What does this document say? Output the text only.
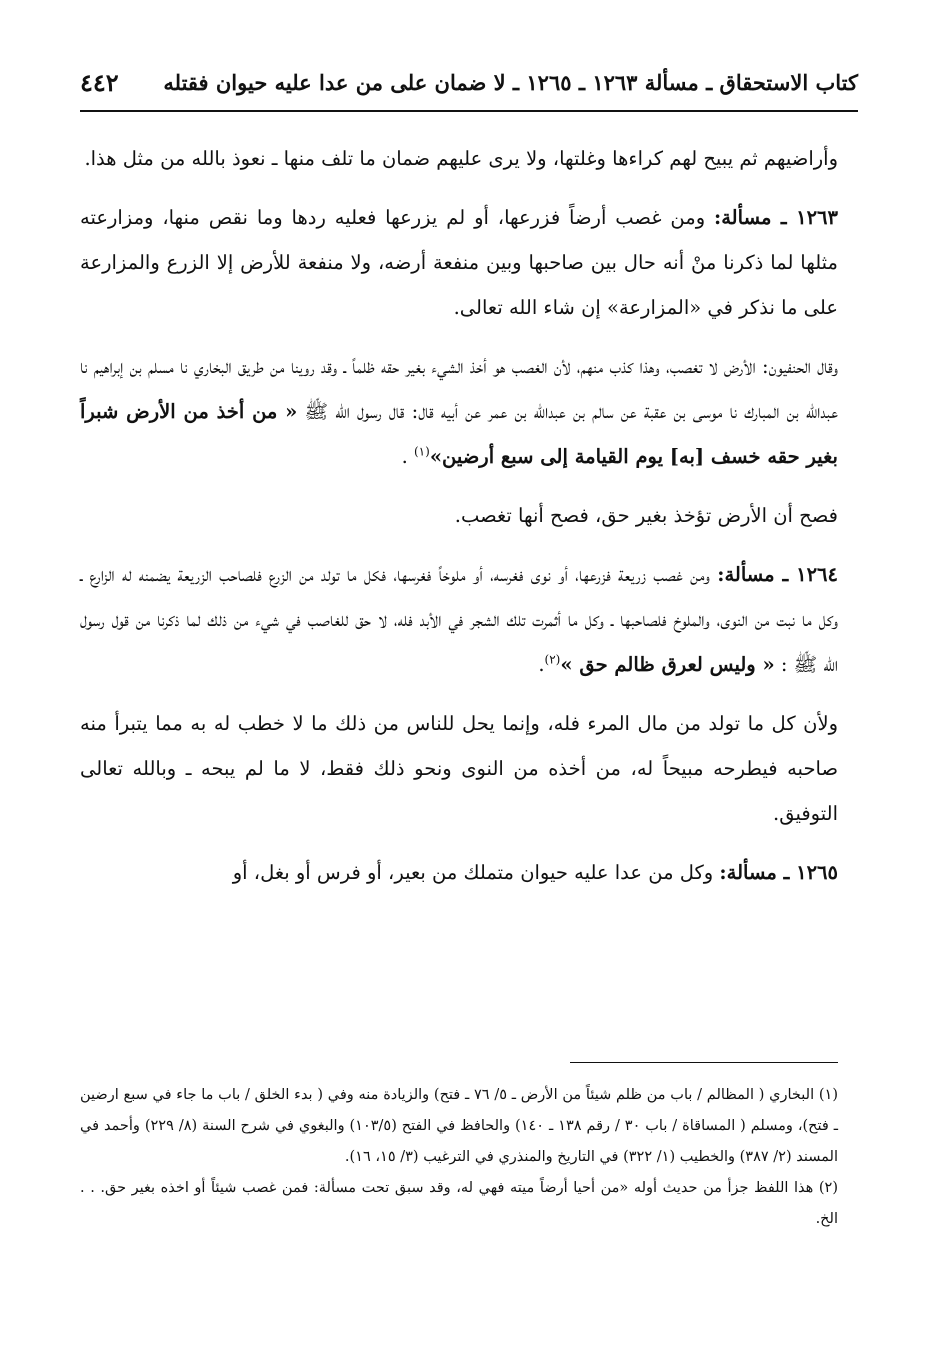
كتاب الاستحقاق ـ مسألة ١٢٦٣ ـ ١٢٦٥ ـ لا ضمان على من عدا عليه حيوان فقتله
٤٤٢

وأراضيهم ثم يبيح لهم كراءها وغلتها، ولا يرى عليهم ضمان ما تلف منها ـ نعوذ بالله من مثل هذا.

١٢٦٣ ـ مسألة: ومن غصب أرضاً فزرعها، أو لم يزرعها فعليه ردها وما نقص منها، ومزارعته مثلها لما ذكرنا منْ أنه حال بين صاحبها وبين منفعة أرضه، ولا منفعة للأرض إلا الزرع والمزارعة على ما نذكر في «المزارعة» إن شاء الله تعالى.

وقال الحنفيون: الأرض لا تغصب، وهذا كذب منهم، لأن الغصب هو أخذ الشيء بغير حقه ظلماً ـ وقد روينا من طريق البخاري نا مسلم بن إبراهيم نا عبدالله بن المبارك نا موسى بن عقبة عن سالم بن عبدالله بن عمر عن أبيه قال: قال رسول الله ﷺ « من أخذ من الأرض شبراً بغير حقه خسف [به] يوم القيامة إلى سبع أرضين»$^{(١)}$ .

فصح أن الأرض تؤخذ بغير حق، فصح أنها تغصب.

١٢٦٤ ـ مسألة: ومن غصب زريعة فزرعها، أو نوى فغرسه، أو ملوخاً فغرسها، فكل ما تولد من الزرع فلصاحب الزريعة يضمنه له الزارع ـ وكل ما نبت من النوى، والملوخ فلصاحبها ـ وكل ما أثمرت تلك الشجر في الأبد فله، لا حق للغاصب في شيء من ذلك لما ذكرنا من قول رسول الله ﷺ : « وليس لعرق ظالم حق »$^{(٢)}$.

ولأن كل ما تولد من مال المرء فله، وإنما يحل للناس من ذلك ما لا خطب له به مما يتبرأ منه صاحبه فيطرحه مبيحاً له، من أخذه من النوى ونحو ذلك فقط، لا ما لم يبحه ـ وبالله تعالى التوفيق.

١٢٦٥ ـ مسألة: وكل من عدا عليه حيوان متملك من بعير، أو فرس أو بغل، أو

(١) البخاري ( المظالم / باب من ظلم شيئاً من الأرض ـ ٥/ ٧٦ ـ فتح) والزيادة منه وفي ( بدء الخلق / باب ما جاء في سبع ارضين ـ فتح)، ومسلم ( المساقاة / باب ٣٠ / رقم ١٣٨ ـ ١٤٠) والحافظ في الفتح (١٠٣/٥) والبغوي في شرح السنة (٨/ ٢٢٩) وأحمد في المسند (٢/ ٣٨٧) والخطيب (١/ ٣٢٢) في التاريخ والمنذري في الترغيب (٣/ ١٥، ١٦).

(٢) هذا اللفظ جزأ من حديث أوله «من أحيا أرضاً ميته فهي له، وقد سبق تحت مسألة: فمن غصب شيئاً أو اخذه بغير حق. . . الخ.
